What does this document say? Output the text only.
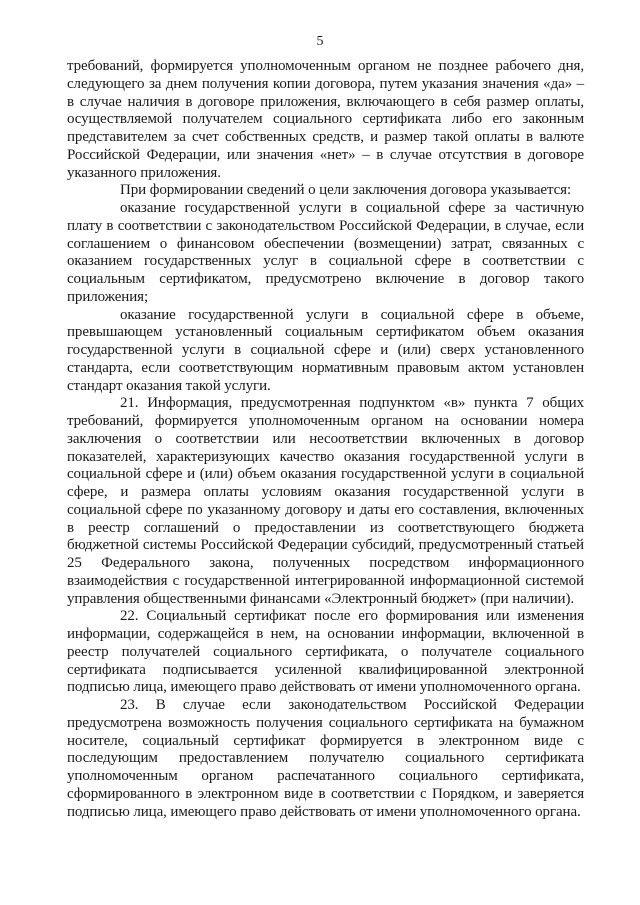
5

требований, формируется уполномоченным органом не позднее рабочего дня, следующего за днем получения копии договора, путем указания значения «да» – в случае наличия в договоре приложения, включающего в себя размер оплаты, осуществляемой получателем социального сертификата либо его законным представителем за счет собственных средств, и размер такой оплаты в валюте Российской Федерации, или значения «нет» – в случае отсутствия в договоре указанного приложения.

При формировании сведений о цели заключения договора указывается:

оказание государственной услуги в социальной сфере за частичную плату в соответствии с законодательством Российской Федерации, в случае, если соглашением о финансовом обеспечении (возмещении) затрат, связанных с оказанием государственных услуг в социальной сфере в соответствии с социальным сертификатом, предусмотрено включение в договор такого приложения;

оказание государственной услуги в социальной сфере в объеме, превышающем установленный социальным сертификатом объем оказания государственной услуги в социальной сфере и (или) сверх установленного стандарта, если соответствующим нормативным правовым актом установлен стандарт оказания такой услуги.

21. Информация, предусмотренная подпунктом «в» пункта 7 общих требований, формируется уполномоченным органом на основании номера заключения о соответствии или несоответствии включенных в договор показателей, характеризующих качество оказания государственной услуги в социальной сфере и (или) объем оказания государственной услуги в социальной сфере, и размера оплаты условиям оказания государственной услуги в социальной сфере по указанному договору и даты его составления, включенных в реестр соглашений о предоставлении из соответствующего бюджета бюджетной системы Российской Федерации субсидий, предусмотренный статьей 25 Федерального закона, полученных посредством информационного взаимодействия с государственной интегрированной информационной системой управления общественными финансами «Электронный бюджет» (при наличии).

22. Социальный сертификат после его формирования или изменения информации, содержащейся в нем, на основании информации, включенной в реестр получателей социального сертификата, о получателе социального сертификата подписывается усиленной квалифицированной электронной подписью лица, имеющего право действовать от имени уполномоченного органа.

23. В случае если законодательством Российской Федерации предусмотрена возможность получения социального сертификата на бумажном носителе, социальный сертификат формируется в электронном виде с последующим предоставлением получателю социального сертификата уполномоченным органом распечатанного социального сертификата, сформированного в электронном виде в соответствии с Порядком, и заверяется подписью лица, имеющего право действовать от имени уполномоченного органа.
